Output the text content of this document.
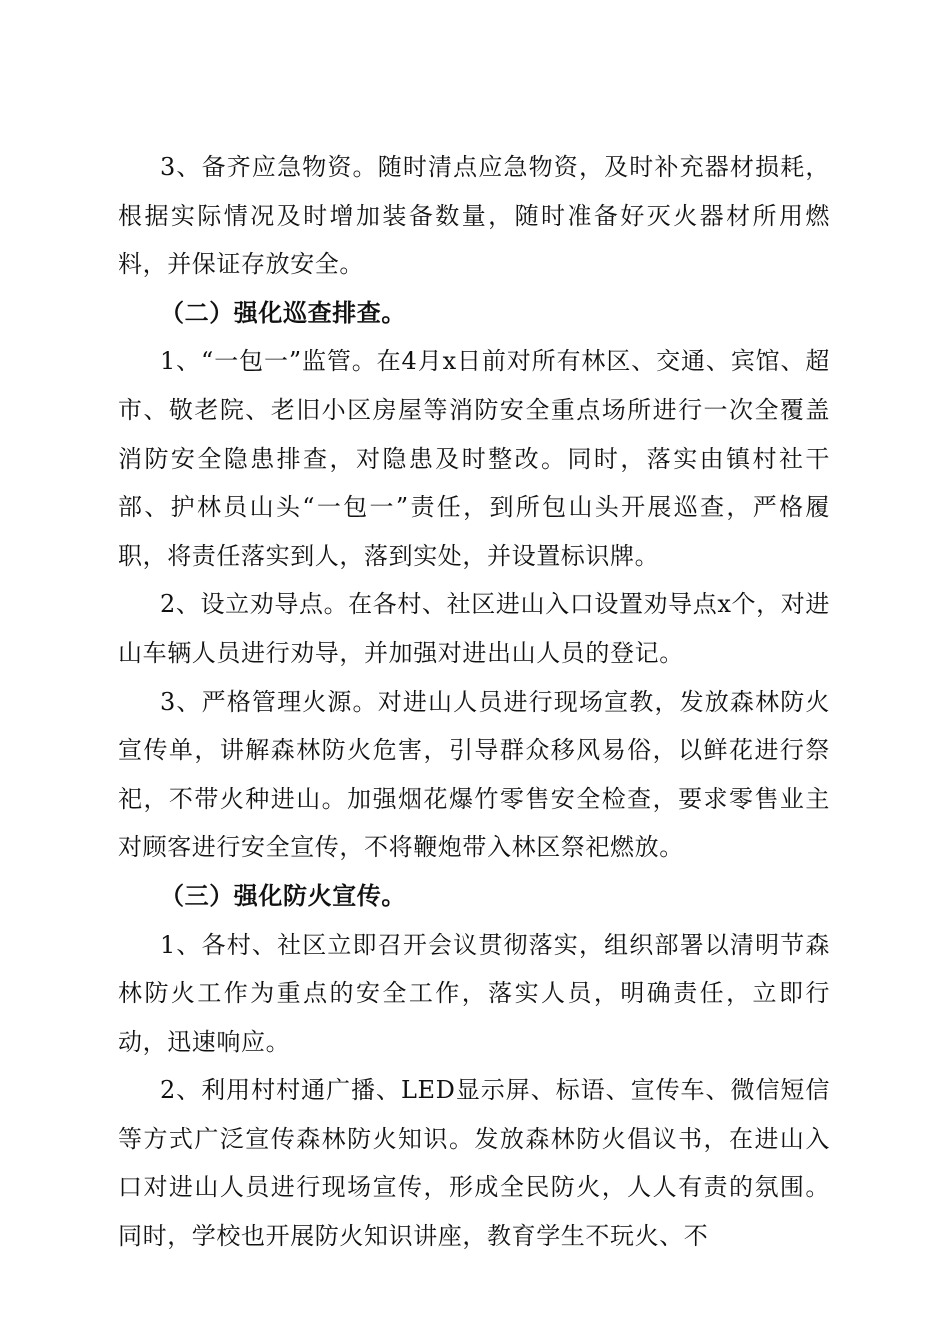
3、备齐应急物资。随时清点应急物资，及时补充器材损耗，根据实际情况及时增加装备数量，随时准备好灭火器材所用燃料，并保证存放安全。

（二）强化巡查排查。

1、“一包一”监管。在4月x日前对所有林区、交通、宾馆、超市、敬老院、老旧小区房屋等消防安全重点场所进行一次全覆盖消防安全隐患排查，对隐患及时整改。同时，落实由镇村社干部、护林员山头“一包一”责任，到所包山头开展巡查，严格履职，将责任落实到人，落到实处，并设置标识牌。

2、设立劝导点。在各村、社区进山入口设置劝导点x个，对进山车辆人员进行劝导，并加强对进出山人员的登记。

3、严格管理火源。对进山人员进行现场宣教，发放森林防火宣传单，讲解森林防火危害，引导群众移风易俗，以鲜花进行祭祀，不带火种进山。加强烟花爆竹零售安全检查，要求零售业主对顾客进行安全宣传，不将鞭炮带入林区祭祀燃放。

（三）强化防火宣传。

1、各村、社区立即召开会议贯彻落实，组织部署以清明节森林防火工作为重点的安全工作，落实人员，明确责任，立即行动，迅速响应。

2、利用村村通广播、LED显示屏、标语、宣传车、微信短信等方式广泛宣传森林防火知识。发放森林防火倡议书，在进山入口对进山人员进行现场宣传，形成全民防火，人人有责的氛围。同时，学校也开展防火知识讲座，教育学生不玩火、不
